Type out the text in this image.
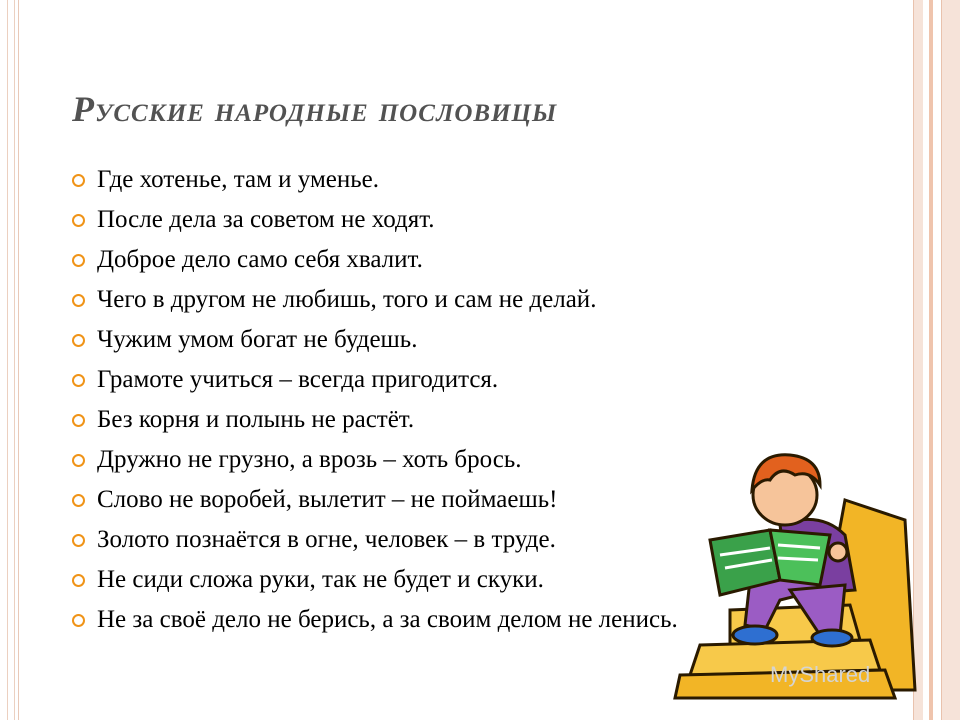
Русские народные пословицы
Где хотенье, там и уменье.
После дела за советом не ходят.
Доброе дело само себя хвалит.
Чего в другом не любишь, того и сам не делай.
Чужим умом богат не будешь.
Грамоте учиться – всегда пригодится.
Без корня и полынь не растёт.
Дружно не грузно, а врозь – хоть брось.
Слово не воробей, вылетит – не поймаешь!
Золото познаётся в огне, человек – в труде.
Не сиди сложа руки, так не будет и скуки.
Не за своё дело не берись, а за своим делом не ленись.
MyShared
